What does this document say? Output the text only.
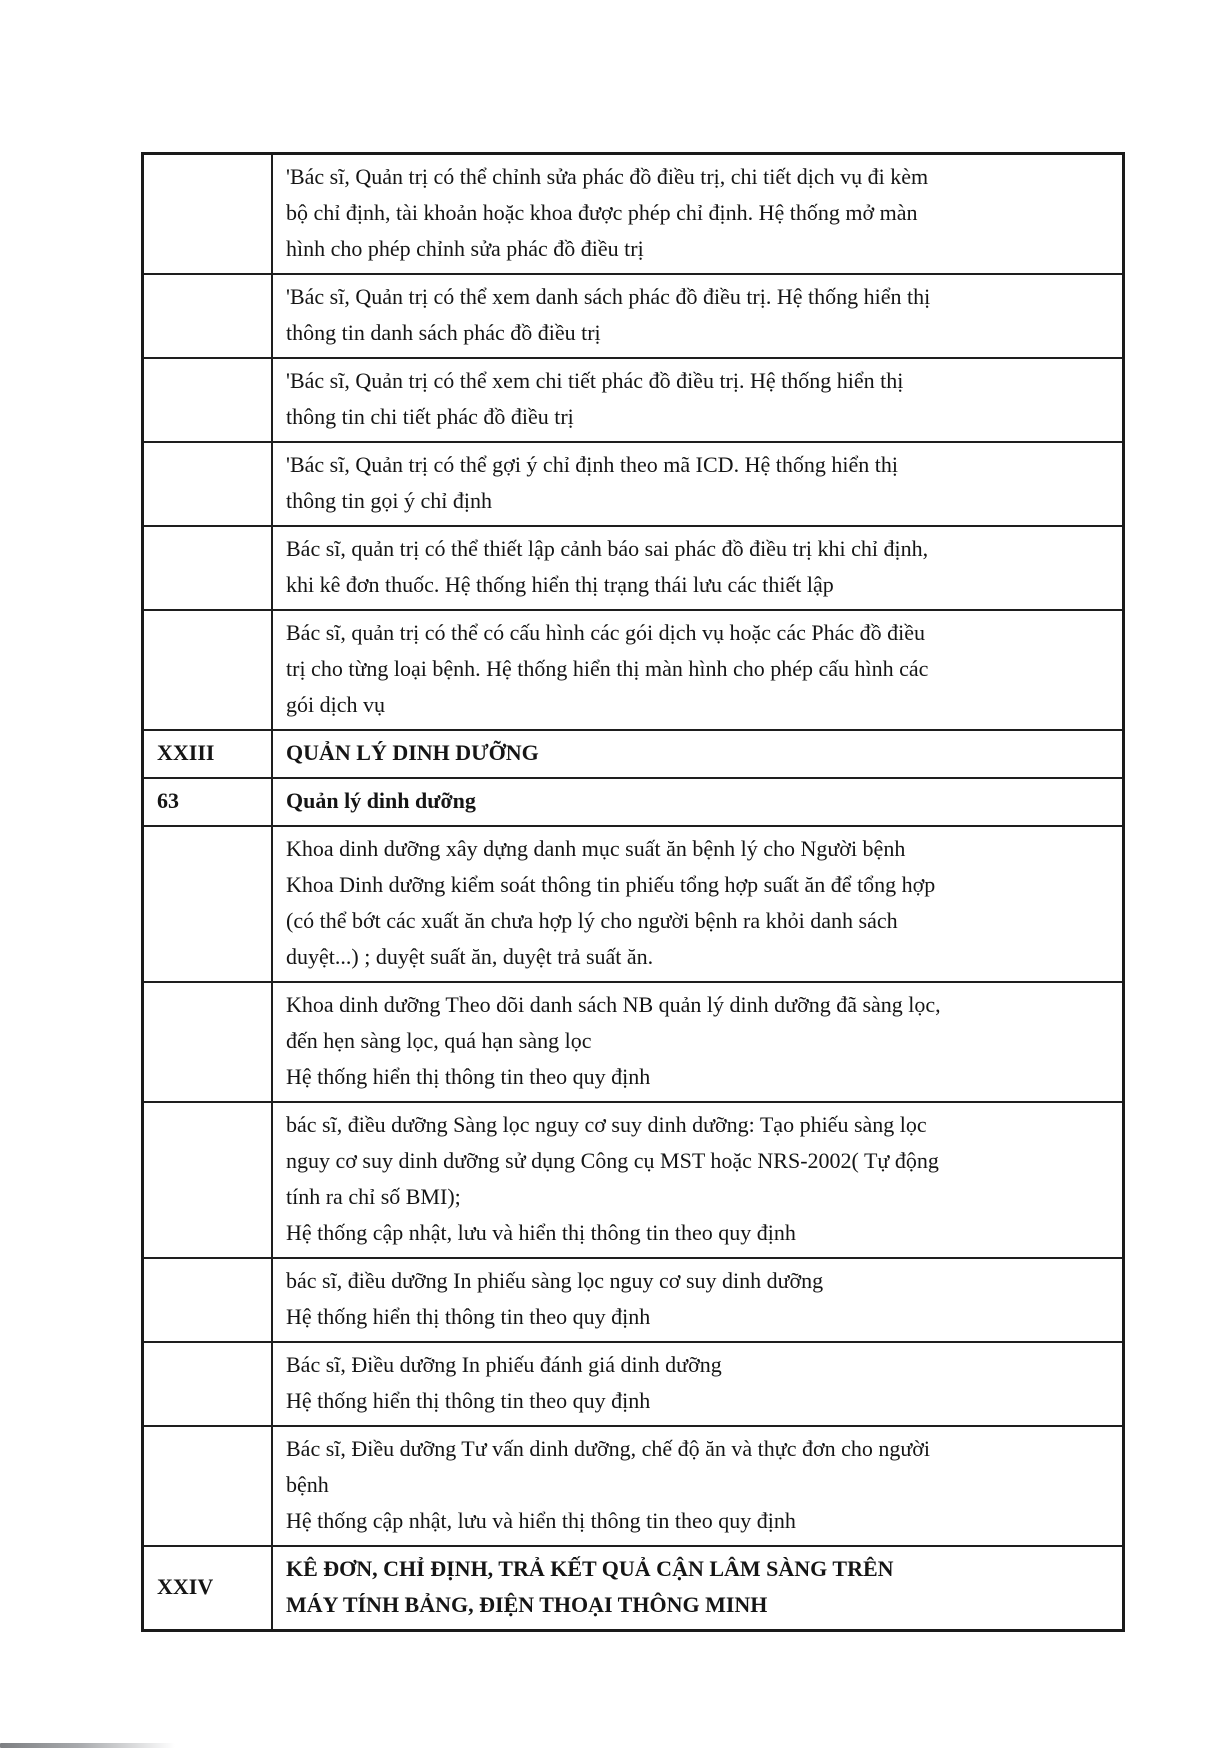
	'Bác sĩ, Quản trị có thể chỉnh sửa phác đồ điều trị, chi tiết dịch vụ đi kèm
bộ chỉ định, tài khoản hoặc khoa được phép chỉ định. Hệ thống mở màn
hình cho phép chỉnh sửa phác đồ điều trị

	'Bác sĩ, Quản trị có thể xem danh sách phác đồ điều trị. Hệ thống hiển thị
thông tin danh sách phác đồ điều trị

	'Bác sĩ, Quản trị có thể xem chi tiết phác đồ điều trị. Hệ thống hiển thị
thông tin chi tiết phác đồ điều trị

	'Bác sĩ, Quản trị có thể gợi ý chỉ định theo mã ICD. Hệ thống hiển thị
thông tin gọi ý chỉ định

	Bác sĩ, quản trị có thể thiết lập cảnh báo sai phác đồ điều trị khi chỉ định,
khi kê đơn thuốc. Hệ thống hiển thị trạng thái lưu các thiết lập

	Bác sĩ, quản trị có thể có cấu hình các gói dịch vụ hoặc các Phác đồ điều
trị cho từng loại bệnh. Hệ thống hiển thị màn hình cho phép cấu hình các
gói dịch vụ

XXIII	QUẢN LÝ DINH DƯỠNG

63	Quản lý dinh dưỡng

	Khoa dinh dưỡng xây dựng danh mục suất ăn bệnh lý cho Người bệnh
Khoa Dinh dưỡng kiểm soát thông tin phiếu tổng hợp suất ăn để tổng hợp
(có thể bớt các xuất ăn chưa hợp lý cho người bệnh ra khỏi danh sách
duyệt...) ; duyệt suất ăn, duyệt trả suất ăn.

	Khoa dinh dưỡng Theo dõi danh sách NB quản lý dinh dưỡng đã sàng lọc,
đến hẹn sàng lọc, quá hạn sàng lọc
Hệ thống hiển thị thông tin theo quy định

	bác sĩ, điều dưỡng Sàng lọc nguy cơ suy dinh dưỡng: Tạo phiếu sàng lọc
nguy cơ suy dinh dưỡng sử dụng Công cụ MST hoặc NRS-2002( Tự động
tính ra chỉ số BMI);
Hệ thống cập nhật, lưu và hiển thị thông tin theo quy định

	bác sĩ, điều dưỡng In phiếu sàng lọc nguy cơ suy dinh dưỡng
Hệ thống hiển thị thông tin theo quy định

	Bác sĩ, Điều dưỡng In phiếu đánh giá dinh dưỡng
Hệ thống hiển thị thông tin theo quy định

	Bác sĩ, Điều dưỡng Tư vấn dinh dưỡng, chế độ ăn và thực đơn cho người
bệnh
Hệ thống cập nhật, lưu và hiển thị thông tin theo quy định

XXIV	KÊ ĐƠN, CHỈ ĐỊNH, TRẢ KẾT QUẢ CẬN LÂM SÀNG TRÊN
MÁY TÍNH BẢNG, ĐIỆN THOẠI THÔNG MINH
